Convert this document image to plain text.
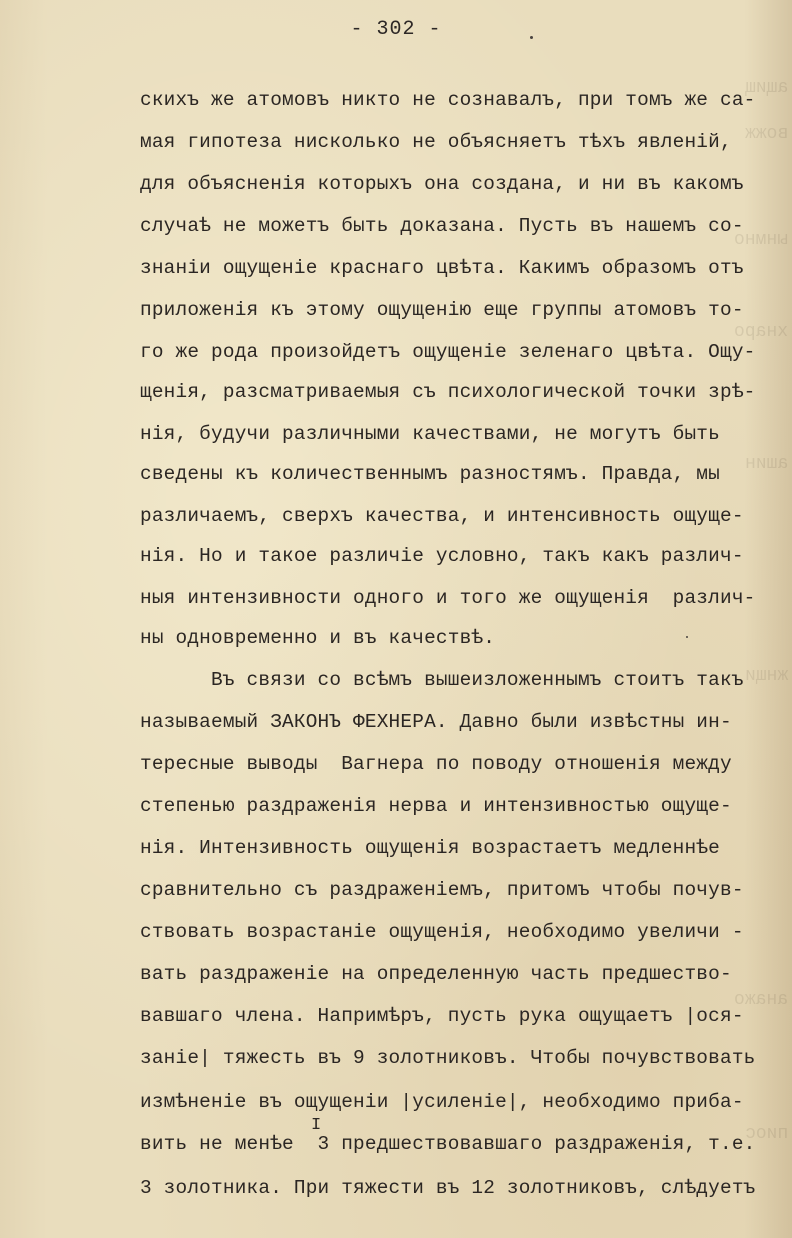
- 302 -
ащищ
вожж
ынмно
хнаро
ашин
жнщи
анажо
пиос
скихъ же атомовъ никто не сознавалъ, при томъ же са-
мая гипотеза нисколько не объясняетъ тѣхъ явленiй,
для объясненiя которыхъ она создана, и ни въ какомъ
случаѣ не можетъ быть доказана. Пусть въ нашемъ со-
знанiи ощущенiе краснаго цвѣта. Какимъ образомъ отъ
приложенiя къ этому ощущенiю еще группы атомовъ то-
го же рода произойдетъ ощущенiе зеленаго цвѣта. Ощу-
щенiя, разсматриваемыя съ психологической точки зрѣ-
нiя, будучи различными качествами, не могутъ быть
сведены къ количественнымъ разностямъ. Правда, мы
различаемъ, сверхъ качества, и интенсивность ощуще-
нiя. Но и такое различiе условно, такъ какъ различ-
ныя интензивности одного и того же ощущенiя  различ-
ны одновременно и въ качествѣ.
Въ связи со всѣмъ вышеизложеннымъ стоитъ такъ
называемый ЗАКОНЪ ФЕХНЕРА. Давно были извѣстны ин-
тересные выводы  Вагнера по поводу отношенiя между
степенью раздраженiя нерва и интензивностью ощуще-
нiя. Интензивность ощущенiя возрастаетъ медленнѣе
сравнительно съ раздраженiемъ, притомъ чтобы почув-
ствовать возрастанiе ощущенiя, необходимо увеличи -
вать раздраженiе на определенную часть предшество-
вавшаго члена. Напримѣръ, пусть рука ощущаетъ |ося-
занiе| тяжесть въ 9 золотниковъ. Чтобы почувствовать
измѣненiе въ ощущенiи |усиленiе|, необходимо приба-
I
вить не менѣе  3 предшествовавшаго раздраженiя, т.е.
3 золотника. При тяжести въ 12 золотниковъ, слѣдуетъ
